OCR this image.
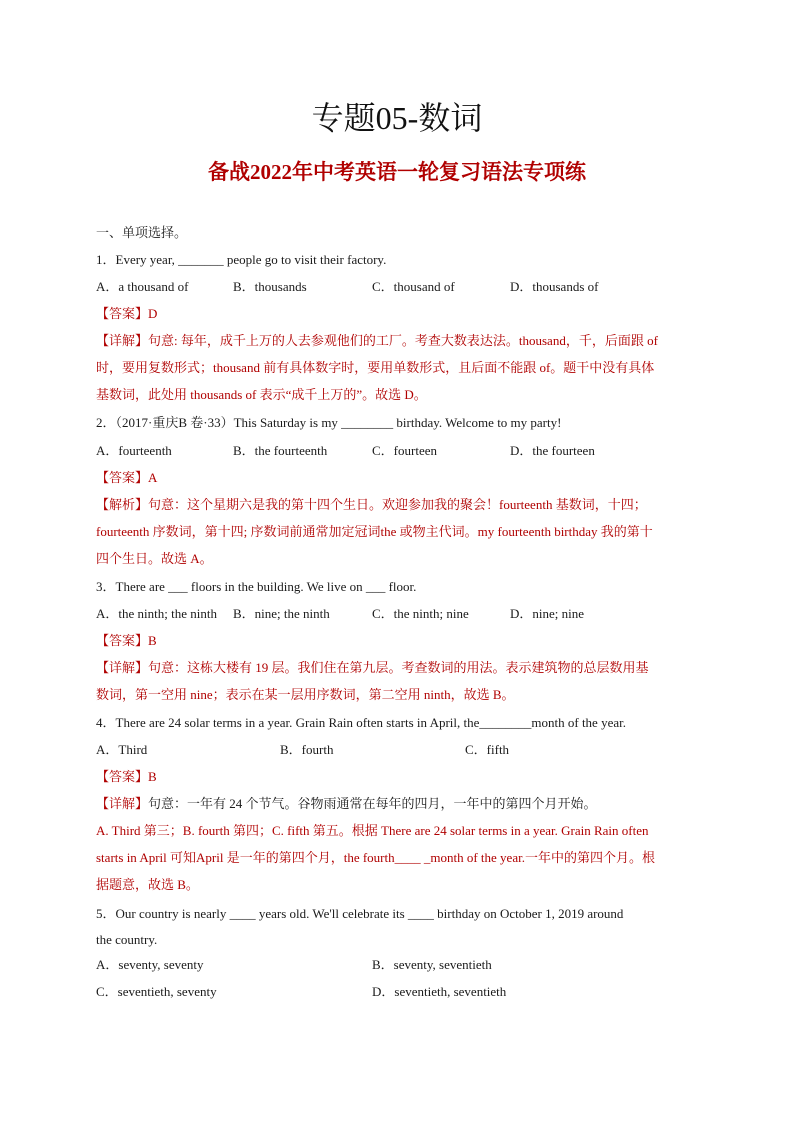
专题05-数词
备战2022年中考英语一轮复习语法专项练
一、单项选择。
1．Every year, _______ people go to visit their factory.
A．a thousand of	B．thousands	C．thousand of	D．thousands of
【答案】D
【详解】句意: 每年，成千上万的人去参观他们的工厂。考查大数表达法。thousand，千，后面跟 of
时，要用复数形式；thousand 前有具体数字时，要用单数形式，且后面不能跟 of。题干中没有具体
基数词，此处用 thousands of 表示“成千上万的”。故选 D。
2．（2017·重庆B 卷·33）This Saturday is my ________ birthday. Welcome to my party!
A．fourteenth	B．the fourteenth	C．fourteen	D．the fourteen
【答案】A
【解析】句意：这个星期六是我的第十四个生日。欢迎参加我的聚会！fourteenth 基数词，十四；
fourteenth 序数词，第十四; 序数词前通常加定冠词the 或物主代词。my fourteenth birthday 我的第十
四个生日。故选 A。
3．There are ___ floors in the building. We live on ___ floor.
A．the ninth; the ninth B．nine; the ninth	C．the ninth; nine	D．nine; nine
【答案】B
【详解】句意：这栋大楼有 19 层。我们住在第九层。考查数词的用法。表示建筑物的总层数用基
数词，第一空用 nine；表示在某一层用序数词，第二空用 ninth，故选 B。
4．There are 24 solar terms in a year. Grain Rain often starts in April, the________month of the year.
A．Third	B．fourth	C．fifth
【答案】B
【详解】句意：一年有 24 个节气。谷物雨通常在每年的四月，一年中的第四个月开始。
A. Third 第三；B. fourth 第四；C. fifth 第五。根据 There are 24 solar terms in a year. Grain Rain often
starts in April 可知April 是一年的第四个月，the fourth____ _month of the year.一年中的第四个月。根
据题意，故选 B。
5．Our country is nearly ____ years old. We'll celebrate its ____ birthday on October 1, 2019 around
the country.
A．seventy, seventy	B．seventy, seventieth
C．seventieth, seventy	D．seventieth, seventieth
